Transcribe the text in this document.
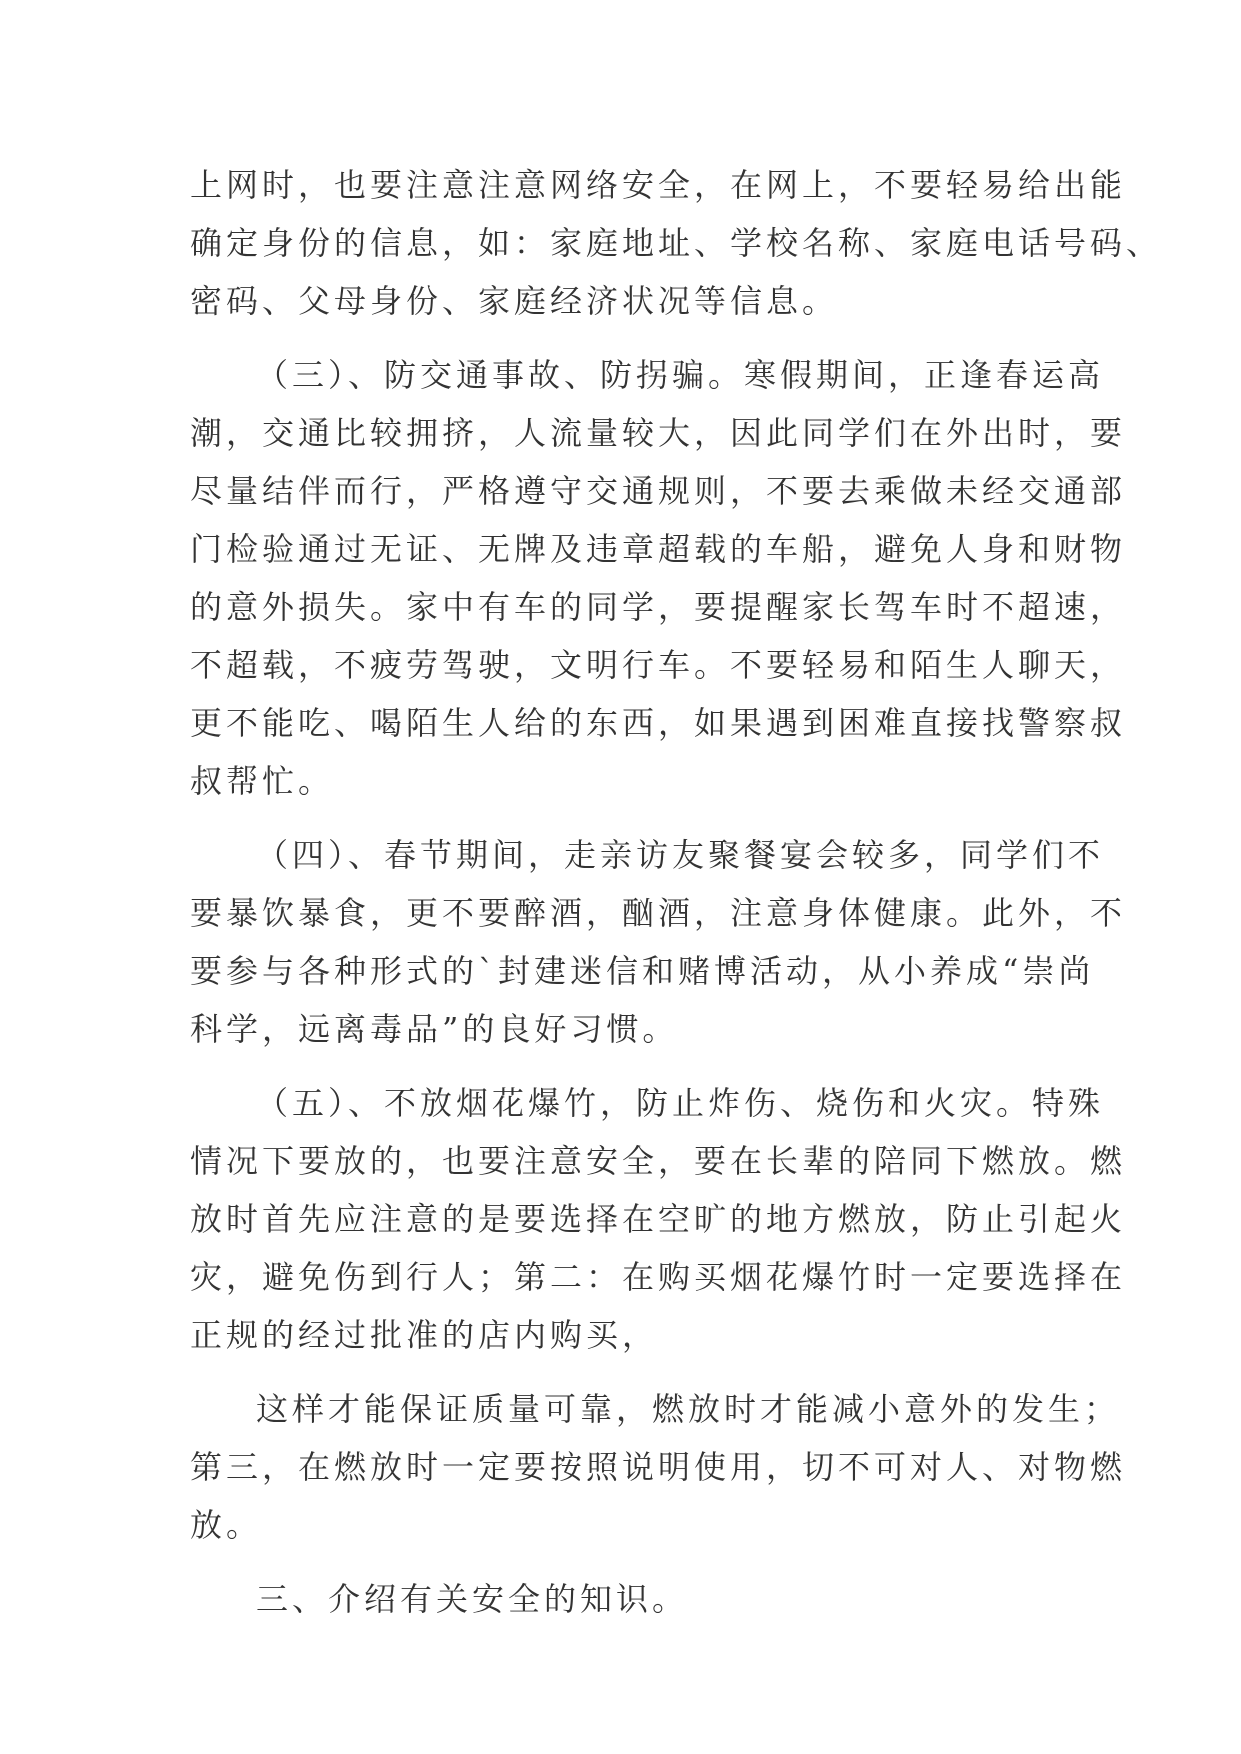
上网时，也要注意注意网络安全，在网上，不要轻易给出能
确定身份的信息，如：家庭地址、学校名称、家庭电话号码、
密码、父母身份、家庭经济状况等信息。
（三）、防交通事故、防拐骗。寒假期间，正逢春运高
潮，交通比较拥挤，人流量较大，因此同学们在外出时，要
尽量结伴而行，严格遵守交通规则，不要去乘做未经交通部
门检验通过无证、无牌及违章超载的车船，避免人身和财物
的意外损失。家中有车的同学，要提醒家长驾车时不超速，
不超载，不疲劳驾驶，文明行车。不要轻易和陌生人聊天，
更不能吃、喝陌生人给的东西，如果遇到困难直接找警察叔
叔帮忙。
（四）、春节期间，走亲访友聚餐宴会较多，同学们不
要暴饮暴食，更不要醉酒，酗酒，注意身体健康。此外，不
要参与各种形式的`封建迷信和赌博活动，从小养成“崇尚
科学，远离毒品”的良好习惯。
（五）、不放烟花爆竹，防止炸伤、烧伤和火灾。特殊
情况下要放的，也要注意安全，要在长辈的陪同下燃放。燃
放时首先应注意的是要选择在空旷的地方燃放，防止引起火
灾，避免伤到行人；第二：在购买烟花爆竹时一定要选择在
正规的经过批准的店内购买，
这样才能保证质量可靠，燃放时才能减小意外的发生；
第三，在燃放时一定要按照说明使用，切不可对人、对物燃
放。
三、介绍有关安全的知识。
